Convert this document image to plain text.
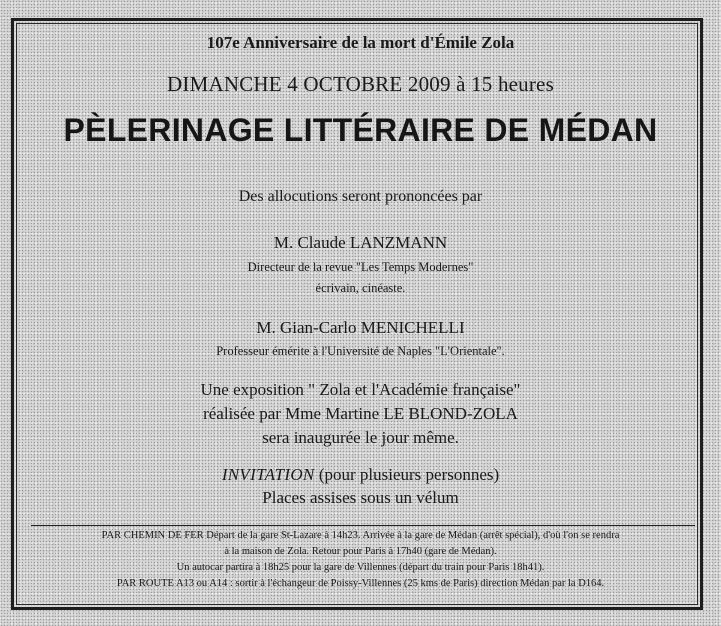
107e Anniversaire de la mort d'Émile Zola
DIMANCHE 4 OCTOBRE 2009 à 15 heures
PÈLERINAGE LITTÉRAIRE DE MÉDAN
Des allocutions seront prononcées par
M. Claude LANZMANN
Directeur de la revue "Les Temps Modernes"
écrivain, cinéaste.
M. Gian-Carlo MENICHELLI
Professeur émérite à l'Université de Naples "L'Orientale".
Une exposition " Zola et l'Académie française"
réalisée par Mme Martine LE BLOND-ZOLA
sera inaugurée le jour même.
INVITATION (pour plusieurs personnes)
Places assises sous un vélum
PAR CHEMIN DE FER Départ de la gare St-Lazare à 14h23. Arrivée à la gare de Médan (arrêt spécial), d'où l'on se rendra
à la maison de Zola. Retour pour Paris à 17h40 (gare de Médan).
Un autocar partira à 18h25 pour la gare de Villennes (départ du train pour Paris 18h41).
PAR ROUTE A13 ou A14 : sortir à l'échangeur de Poissy-Villennes (25 kms de Paris) direction Médan par la D164.
